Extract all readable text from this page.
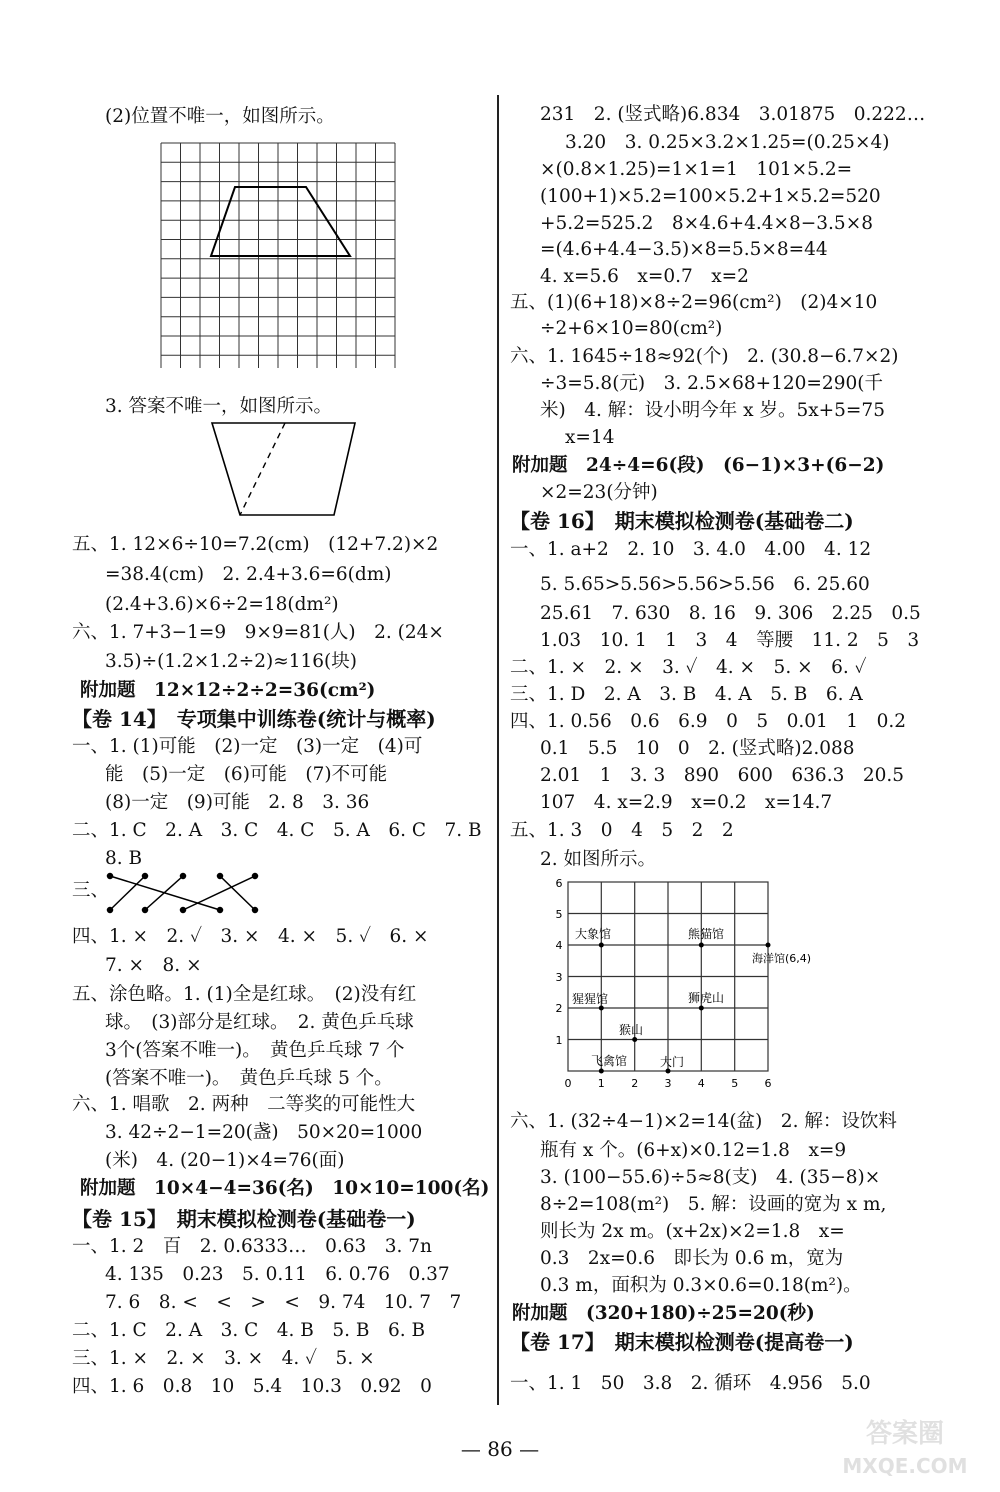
(2)位置不唯一，如图所示。
3. 答案不唯一，如图所示。
五、1. 12×6÷10=7.2(cm)　(12+7.2)×2
=38.4(cm)　2. 2.4+3.6=6(dm)
(2.4+3.6)×6÷2=18(dm²)
六、1. 7+3−1=9　9×9=81(人)　2. (24×
3.5)÷(1.2×1.2÷2)≈116(块)
附加题　12×12÷2÷2=36(cm²)
【卷 14】　专项集中训练卷(统计与概率)
一、1. (1)可能　(2)一定　(3)一定　(4)可
能　(5)一定　(6)可能　(7)不可能
(8)一定　(9)可能　2. 8　3. 36
二、1. C　2. A　3. C　4. C　5. A　6. C　7. B
8. B
三、
四、1. ×　2. ✓　3. ×　4. ×　5. ✓　6. ×
7. ×　8. ×
五、涂色略。1. (1)全是红球。　(2)没有红
球。　(3)部分是红球。　2. 黄色乒乓球
3个(答案不唯一)。　黄色乒乓球 7 个
(答案不唯一)。　黄色乒乓球 5 个。
六、1. 唱歌　2. 两种　二等奖的可能性大
3. 42÷2−1=20(盏)　50×20=1000
(米)　4. (20−1)×4=76(面)
附加题　10×4−4=36(名)　10×10=100(名)
【卷 15】　期末模拟检测卷(基础卷一)
一、1. 2　百　2. 0.6333…　0.63　3. 7n
4. 135　0.23　5. 0.11　6. 0.76　0.37
7. 6　8. <　<　>　<　9. 74　10. 7　7
二、1. C　2. A　3. C　4. B　5. B　6. B
三、1. ×　2. ×　3. ×　4. ✓　5. ×
四、1. 6　0.8　10　5.4　10.3　0.92　0
231　2. (竖式略)6.834　3.01875　0.222…
3.20　3. 0.25×3.2×1.25=(0.25×4)
×(0.8×1.25)=1×1=1　101×5.2=
(100+1)×5.2=100×5.2+1×5.2=520
+5.2=525.2　8×4.6+4.4×8−3.5×8
=(4.6+4.4−3.5)×8=5.5×8=44
4. x=5.6　x=0.7　x=2
五、(1)(6+18)×8÷2=96(cm²)　(2)4×10
÷2+6×10=80(cm²)
六、1. 1645÷18≈92(个)　2. (30.8−6.7×2)
÷3=5.8(元)　3. 2.5×68+120=290(千
米)　4. 解：设小明今年 x 岁。5x+5=75
x=14
附加题　24÷4=6(段)　(6−1)×3+(6−2)
×2=23(分钟)
【卷 16】　期末模拟检测卷(基础卷二)
一、1. a+2　2. 10　3. 4.0　4.00　4. 12
5. 5.65>5.56>5.56>5.56　6. 25.60
25.61　7. 630　8. 16　9. 306　2.25　0.5
1.03　10. 1　1　3　4　等腰　11. 2　5　3
二、1. ×　2. ×　3. ✓　4. ×　5. ×　6. ✓
三、1. D　2. A　3. B　4. A　5. B　6. A
四、1. 0.56　0.6　6.9　0　5　0.01　1　0.2
0.1　5.5　10　0　2. (竖式略)2.088
2.01　1　3. 3　890　600　636.3　20.5
107　4. x=2.9　x=0.2　x=14.7
五、1. 3　0　4　5　2　2
2. 如图所示。
0 1 2 3 4 5 6
1
2
3
4
5
6
大象馆	熊猫馆
海洋馆(6,4)
猩猩馆	狮虎山
猴山
飞禽馆	大门
六、1. (32÷4−1)×2=14(盆)　2. 解：设饮料
瓶有 x 个。(6+x)×0.12=1.8　x=9
3. (100−55.6)÷5≈8(支)　4. (35−8)×
8÷2=108(m²)　5. 解：设画的宽为 x m,
则长为 2x m。(x+2x)×2=1.8　x=
0.3　2x=0.6　即长为 0.6 m，宽为
0.3 m，面积为 0.3×0.6=0.18(m²)。
附加题　(320+180)÷25=20(秒)
【卷 17】　期末模拟检测卷(提高卷一)
一、1. 1　50　3.8　2. 循环　4.956　5.0
— 86 —	答案圈
MXQE.COM
